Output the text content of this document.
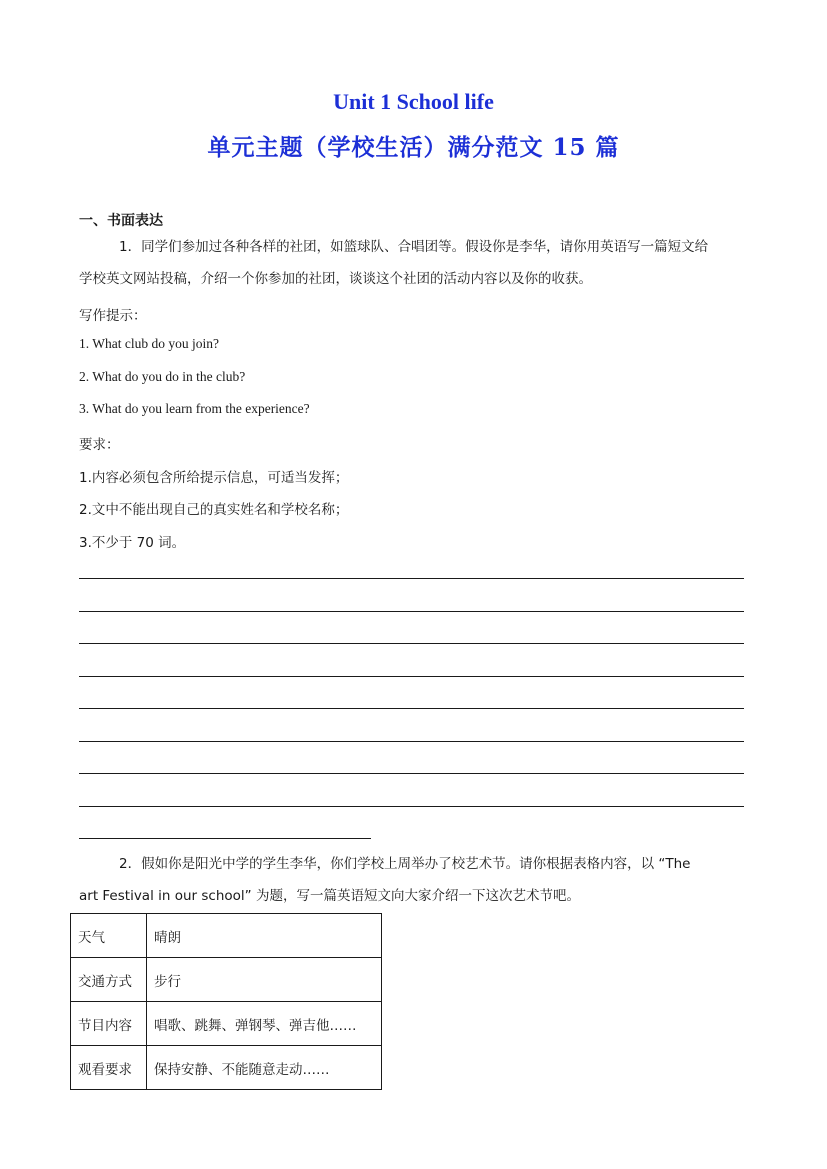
Unit 1 School life
单元主题（学校生活）满分范文 15 篇
一、书面表达
1．同学们参加过各种各样的社团，如篮球队、合唱团等。假设你是李华，请你用英语写一篇短文给
学校英文网站投稿，介绍一个你参加的社团，谈谈这个社团的活动内容以及你的收获。
写作提示：
1. What club do you join?
2. What do you do in the club?
3. What do you learn from the experience?
要求：
1.内容必须包含所给提示信息，可适当发挥；
2.文中不能出现自己的真实姓名和学校名称；
3.不少于 70 词。
2．假如你是阳光中学的学生李华，你们学校上周举办了校艺术节。请你根据表格内容，以 “The
art Festival in our school” 为题，写一篇英语短文向大家介绍一下这次艺术节吧。
天气	晴朗
交通方式	步行
节目内容	唱歌、跳舞、弹钢琴、弹吉他……
观看要求	保持安静、不能随意走动……
